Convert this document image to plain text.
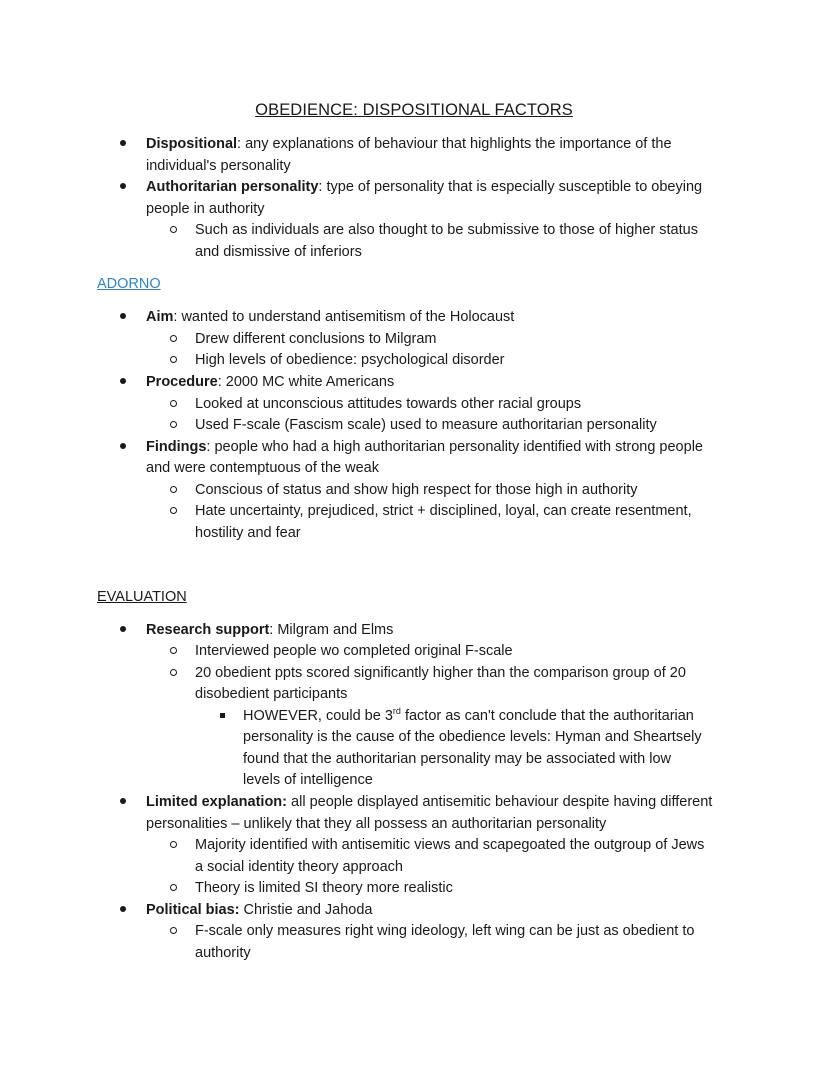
OBEDIENCE: DISPOSITIONAL FACTORS
Dispositional: any explanations of behaviour that highlights the importance of the
individual's personality
Authoritarian personality: type of personality that is especially susceptible to obeying
people in authority
Such as individuals are also thought to be submissive to those of higher status
and dismissive of inferiors
ADORNO
Aim: wanted to understand antisemitism of the Holocaust
Drew different conclusions to Milgram
High levels of obedience: psychological disorder
Procedure: 2000 MC white Americans
Looked at unconscious attitudes towards other racial groups
Used F-scale (Fascism scale) used to measure authoritarian personality
Findings: people who had a high authoritarian personality identified with strong people
and were contemptuous of the weak
Conscious of status and show high respect for those high in authority
Hate uncertainty, prejudiced, strict + disciplined, loyal, can create resentment,
hostility and fear
EVALUATION
Research support: Milgram and Elms
Interviewed people wo completed original F-scale
20 obedient ppts scored significantly higher than the comparison group of 20
disobedient participants
HOWEVER, could be 3rd factor as can't conclude that the authoritarian
personality is the cause of the obedience levels: Hyman and Sheartsely
found that the authoritarian personality may be associated with low
levels of intelligence
Limited explanation: all people displayed antisemitic behaviour despite having different
personalities – unlikely that they all possess an authoritarian personality
Majority identified with antisemitic views and scapegoated the outgroup of Jews
a social identity theory approach
Theory is limited SI theory more realistic
Political bias: Christie and Jahoda
F-scale only measures right wing ideology, left wing can be just as obedient to
authority
